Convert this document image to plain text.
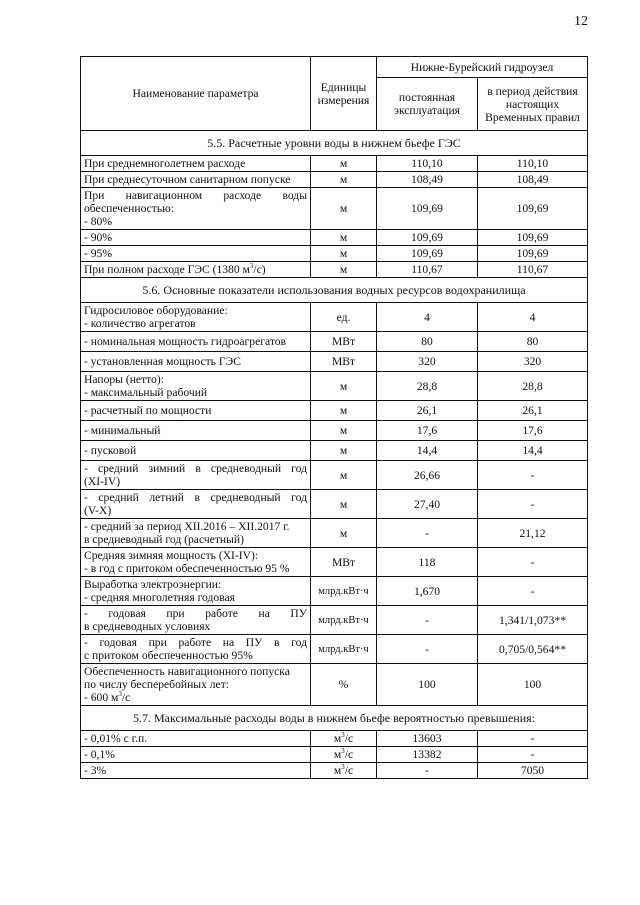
12
Наименование параметра	Единицы измерения	Нижне-Бурейский гидроузел	
		постоянная эксплуатация	в период действия настоящих Временных правил
5.5. Расчетные уровни воды в нижнем бьефе ГЭС			
При среднемноголетнем расходе	м	110,10	110,10
При среднесуточном санитарном попуске	м	108,49	108,49

При навигационном расходе воды
обеспеченностью:
- 80%	м	109,69	109,69
- 90%	м	109,69	109,69
- 95%	м	109,69	109,69
При полном расходе ГЭС (1380 $м^3/с$)	м	110,67	110,67
5.6. Основные показатели использования водных ресурсов водохранилища			

Гидросиловое оборудование:
- количество агрегатов	ед.	4	4
- номинальная мощность гидроагрегатов	МВт	80	80
- установленная мощность ГЭС	МВт	320	320

Напоры (нетто):
- максимальный рабочий	м	28,8	28,8
- расчетный по мощности	м	26,1	26,1
- минимальный	м	17,6	17,6
- пусковой	м	14,4	14,4

- средний зимний в средневодный год
(XI-IV)	м	26,66	-

- средний летний в средневодный год
(V-X)	м	27,40	-

- средний за период XII.2016 – XII.2017 г.
в средневодный год (расчетный)	м	-	21,12

Средняя зимняя мощность (XI-IV):
- в год с притоком обеспеченностью 95 %	МВт	118	-

Выработка электроэнергии:
- средняя многолетняя годовая	млрд.кВт·ч	1,670	-

- годовая при работе на ПУ
в средневодных условиях	млрд.кВт·ч	-	1,341/1,073**

- годовая при работе на ПУ в год
с притоком обеспеченностью 95%	млрд.кВт·ч	-	0,705/0,564**

Обеспеченность навигационного попуска
по числу бесперебойных лет:
- 600 $м^3/с$	%	100	100
5.7. Максимальные расходы воды в нижнем бьефе вероятностью превышения:			
- 0,01% с г.п.	$м^3/с$	13603	-
- 0,1%	$м^3/с$	13382	-
- 3%	$м^3/с$	-	7050
